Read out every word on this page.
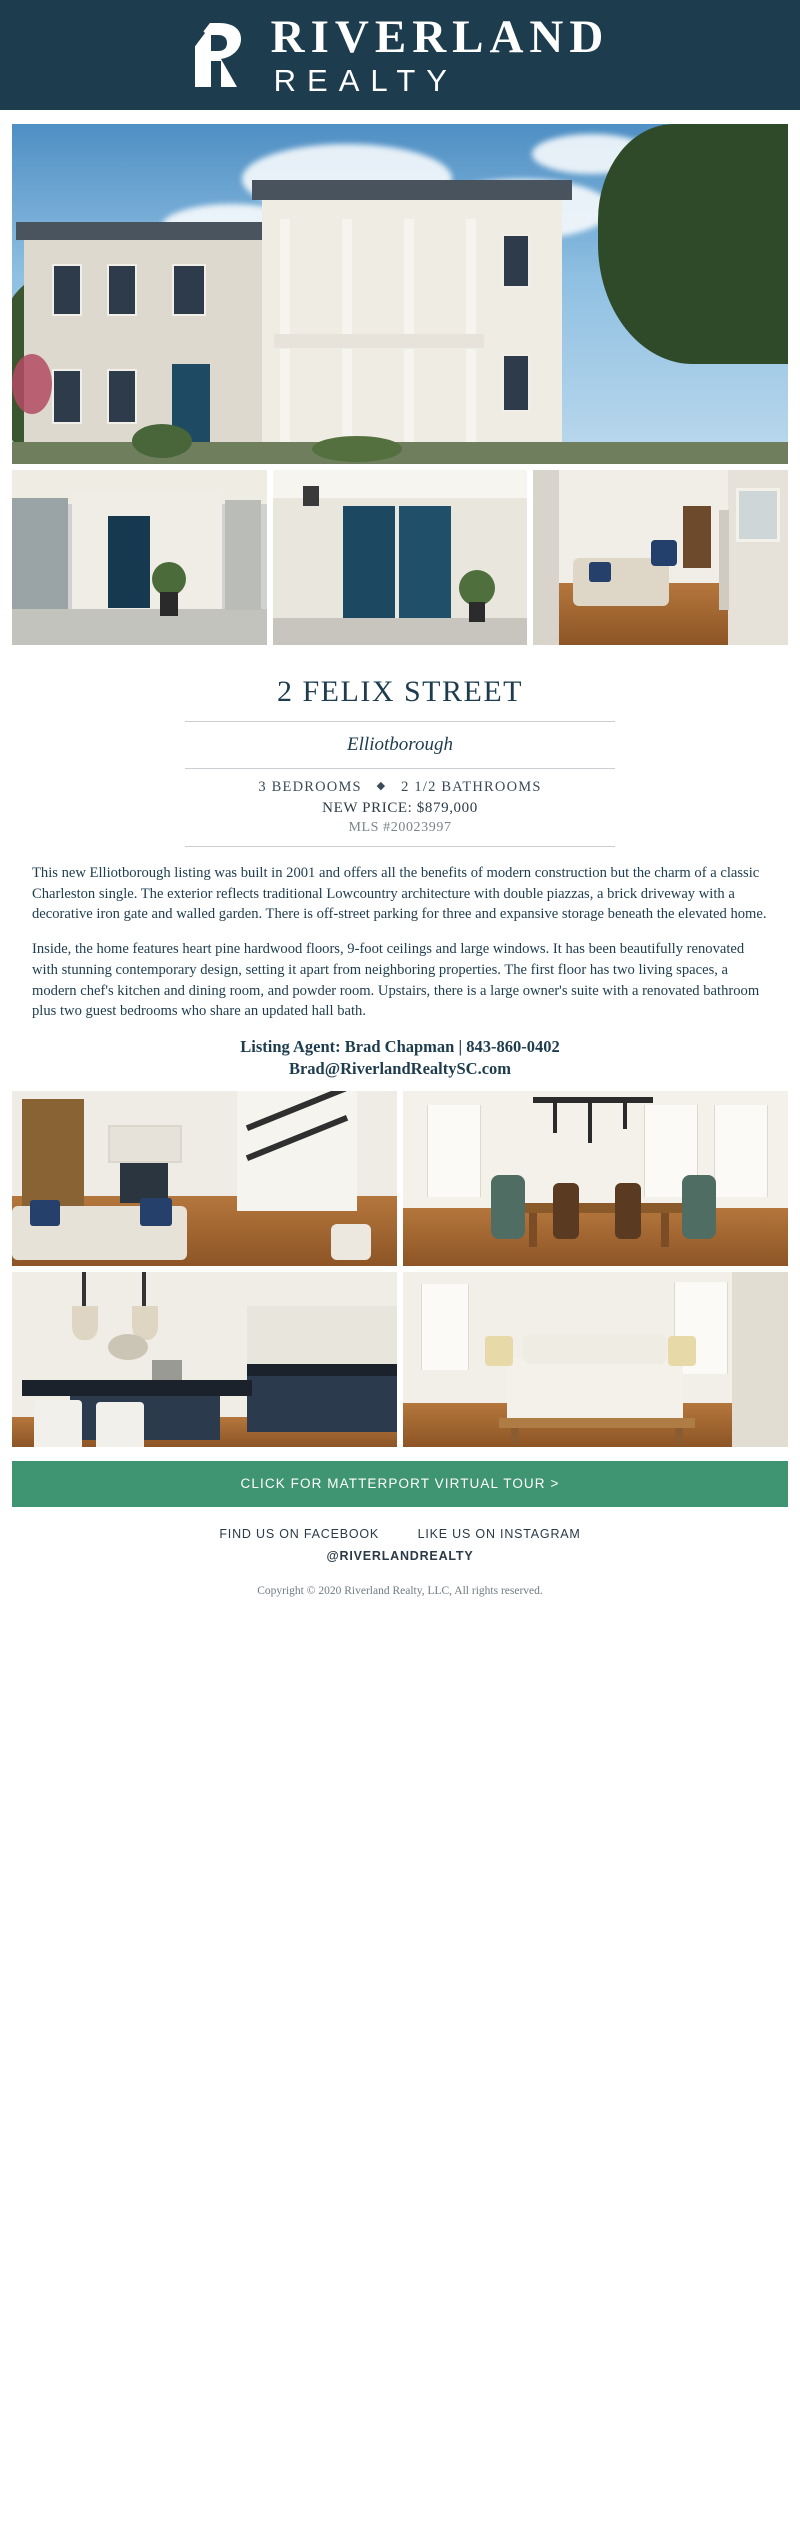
RIVERLAND
REALTY
2 FELIX STREET
Elliotborough
3 BEDROOMS ◆ 2 1/2 BATHROOMS
NEW PRICE: $879,000
MLS #20023997

This new Elliotborough listing was built in 2001 and offers all the benefits of modern construction but the charm of a classic Charleston single. The exterior reflects traditional Lowcountry architecture with double piazzas, a brick driveway with a decorative iron gate and walled garden. There is off-street parking for three and expansive storage beneath the elevated home.

Inside, the home features heart pine hardwood floors, 9-foot ceilings and large windows. It has been beautifully renovated with stunning contemporary design, setting it apart from neighboring properties. The first floor has two living spaces, a modern chef's kitchen and dining room, and powder room. Upstairs, there is a large owner's suite with a renovated bathroom plus two guest bedrooms who share an updated hall bath.

Listing Agent: Brad Chapman | 843-860-0402
Brad@RiverlandRealtySC.com
CLICK FOR MATTERPORT VIRTUAL TOUR >
FIND US ON FACEBOOK	LIKE US ON INSTAGRAM
@RIVERLANDREALTY
Copyright © 2020 Riverland Realty, LLC, All rights reserved.
